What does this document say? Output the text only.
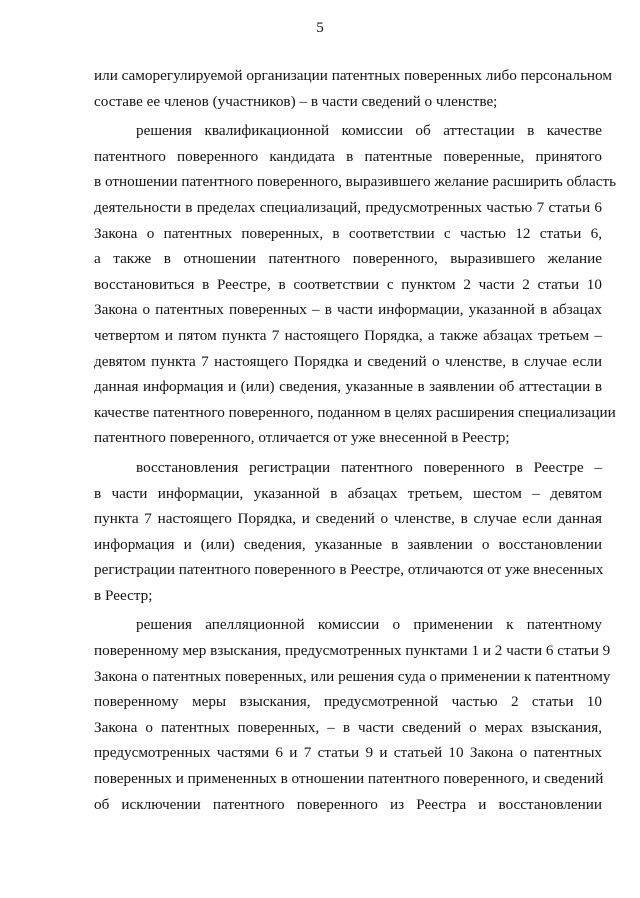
5

или саморегулируемой организации патентных поверенных либо персональном
составе ее членов (участников) – в части сведений о членстве;

решения квалификационной комиссии об аттестации в качестве
патентного поверенного кандидата в патентные поверенные, принятого
в отношении патентного поверенного, выразившего желание расширить область
деятельности в пределах специализаций, предусмотренных частью 7 статьи 6
Закона о патентных поверенных, в соответствии с частью 12 статьи 6,
а также в отношении патентного поверенного, выразившего желание
восстановиться в Реестре, в соответствии с пунктом 2 части 2 статьи 10
Закона о патентных поверенных – в части информации, указанной в абзацах
четвертом и пятом пункта 7 настоящего Порядка, а также абзацах третьем –
девятом пункта 7 настоящего Порядка и сведений о членстве, в случае если
данная информация и (или) сведения, указанные в заявлении об аттестации в
качестве патентного поверенного, поданном в целях расширения специализации
патентного поверенного, отличается от уже внесенной в Реестр;

восстановления регистрации патентного поверенного в Реестре –
в части информации, указанной в абзацах третьем, шестом – девятом
пункта 7 настоящего Порядка, и сведений о членстве, в случае если данная
информация и (или) сведения, указанные в заявлении о восстановлении
регистрации патентного поверенного в Реестре, отличаются от уже внесенных
в Реестр;

решения апелляционной комиссии о применении к патентному
поверенному мер взыскания, предусмотренных пунктами 1 и 2 части 6 статьи 9
Закона о патентных поверенных, или решения суда о применении к патентному
поверенному меры взыскания, предусмотренной частью 2 статьи 10
Закона о патентных поверенных, – в части сведений о мерах взыскания,
предусмотренных частями 6 и 7 статьи 9 и статьей 10 Закона о патентных
поверенных и примененных в отношении патентного поверенного, и сведений
об исключении патентного поверенного из Реестра и восстановлении
